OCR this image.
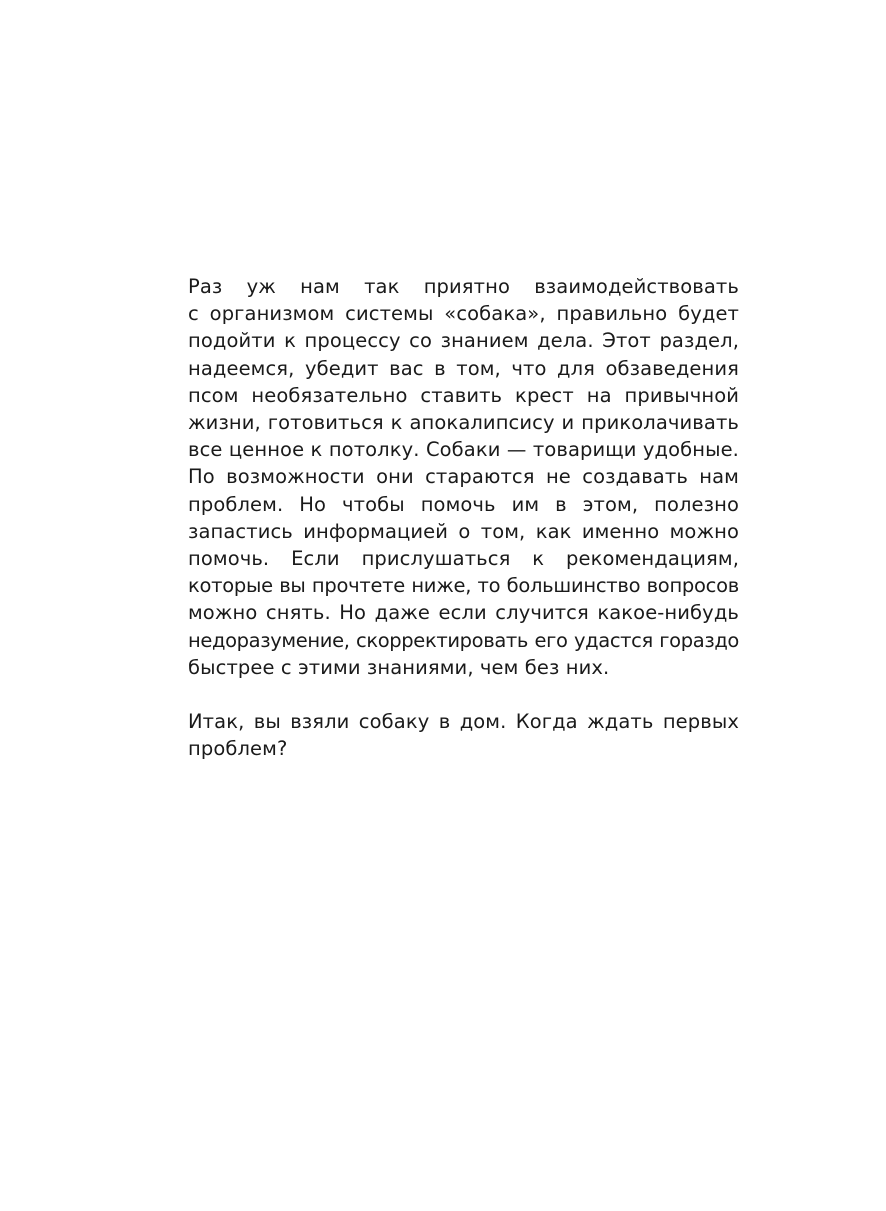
Раз уж нам так приятно взаимодействовать
с организмом системы «собака», правильно будет
подойти к процессу со знанием дела. Этот раздел,
надеемся, убедит вас в том, что для обзаведения
псом необязательно ставить крест на привычной
жизни, готовиться к апокалипсису и приколачивать
все ценное к потолку. Собаки — товарищи удобные.
По возможности они стараются не создавать нам
проблем. Но чтобы помочь им в этом, полезно
запастись информацией о том, как именно можно
помочь. Если прислушаться к рекомендациям,
которые вы прочтете ниже, то большинство вопросов
можно снять. Но даже если случится какое-нибудь
недоразумение, скорректировать его удастся гораздо
быстрее с этими знаниями, чем без них.

Итак, вы взяли собаку в дом. Когда ждать первых
проблем?
